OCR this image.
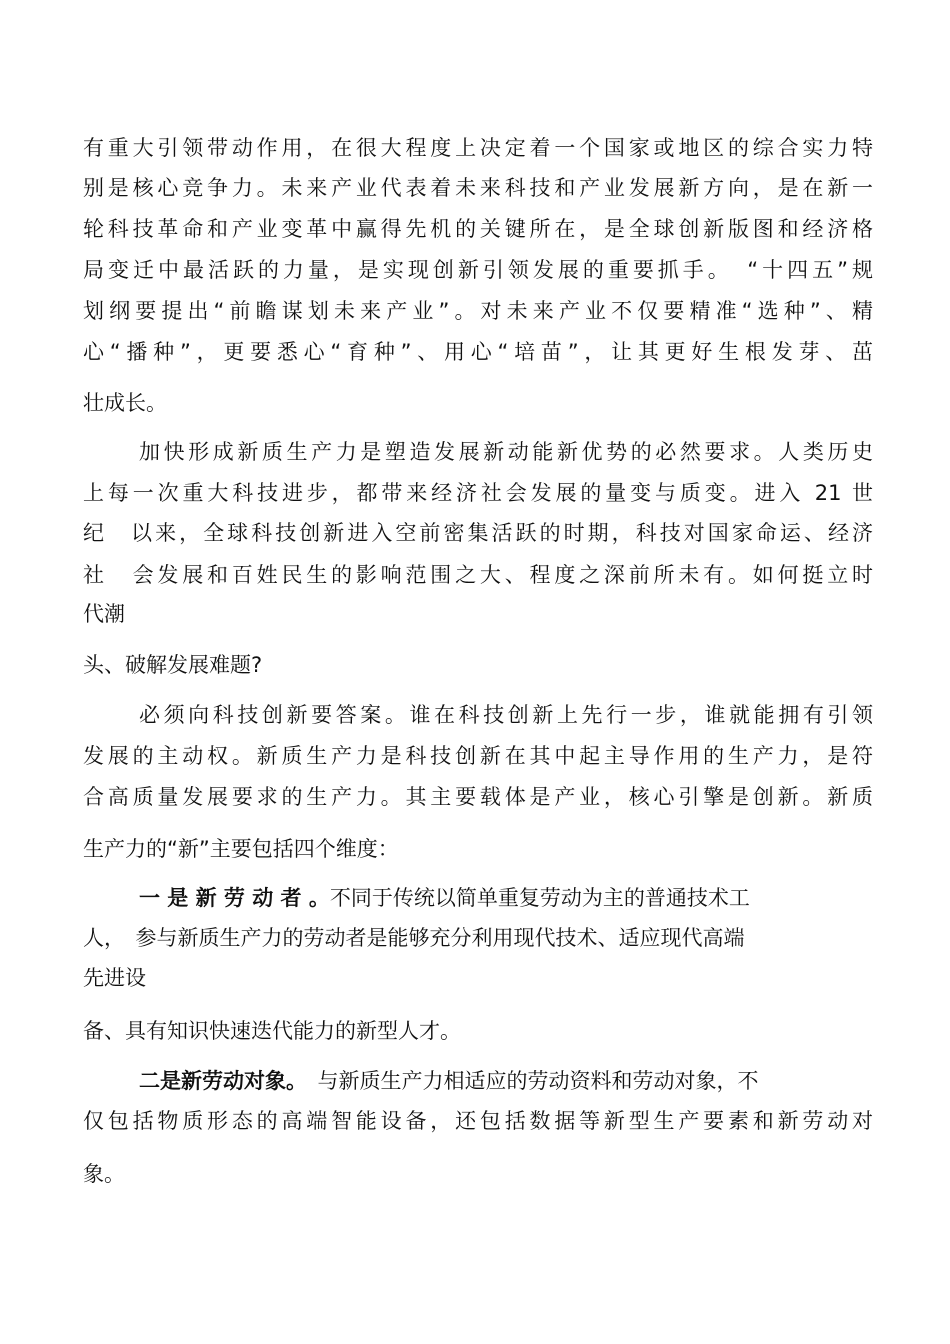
有重大引领带动作用，在很大程度上决定着一个国家或地区的综合实力特
别是核心竞争力。未来产业代表着未来科技和产业发展新方向，是在新一
轮科技革命和产业变革中赢得先机的关键所在，是全球创新版图和经济格
局变迁中最活跃的力量，是实现创新引领发展的重要抓手。　“十四五”规
划纲要提出“前瞻谋划未来产业”。对未来产业不仅要精准“选种”、精
心“播种”，更要悉心“育种”、用心“培苗”，让其更好生根发芽、茁
壮成长。
加快形成新质生产力是塑造发展新动能新优势的必然要求。人类历史
上每一次重大科技进步，都带来经济社会发展的量变与质变。进入 21 世
纪　以来，全球科技创新进入空前密集活跃的时期，科技对国家命运、经济
社　会发展和百姓民生的影响范围之大、程度之深前所未有。如何挺立时
代潮
头、破解发展难题?
必须向科技创新要答案。谁在科技创新上先行一步，谁就能拥有引领
发展的主动权。新质生产力是科技创新在其中起主导作用的生产力，是符
合高质量发展要求的生产力。其主要载体是产业，核心引擎是创新。新质
生产力的“新”主要包括四个维度：
一 是 新 劳 动 者 。不同于传统以简单重复劳动为主的普通技术工
人，　参与新质生产力的劳动者是能够充分利用现代技术、适应现代高端
先进设
备、具有知识快速迭代能力的新型人才。
二是新劳动对象。　与新质生产力相适应的劳动资料和劳动对象，不
仅包括物质形态的高端智能设备，还包括数据等新型生产要素和新劳动对
象。
